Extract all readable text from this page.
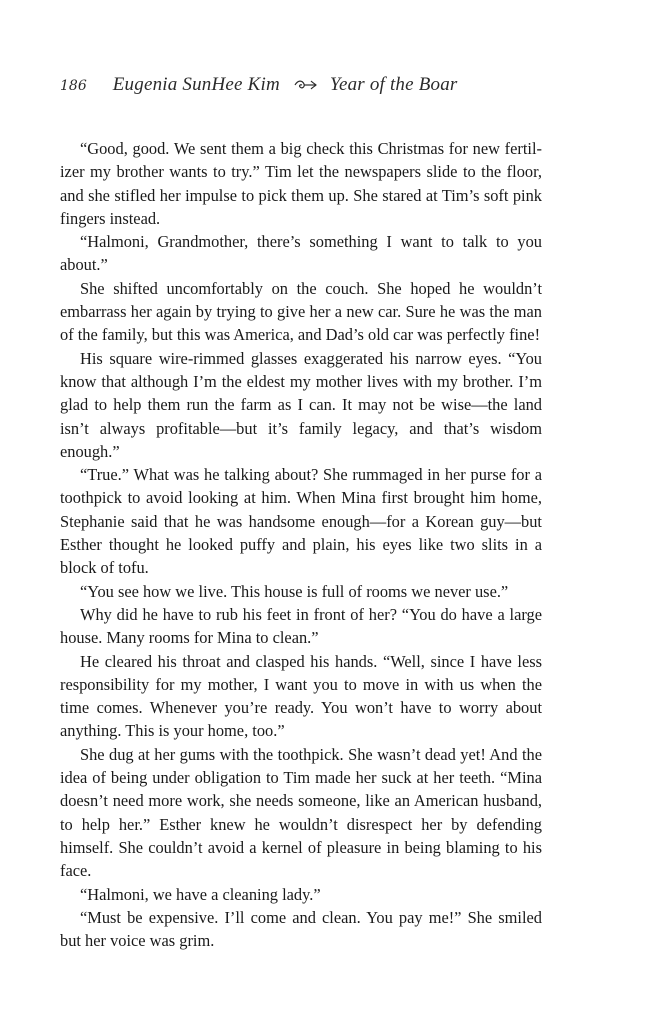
186 Eugenia SunHee Kim	Year of the Boar

“Good, good. We sent them a big check this Christmas for new fertilizer my brother wants to try.” Tim let the newspapers slide to the floor, and she stifled her impulse to pick them up. She stared at Tim’s soft pink fingers instead.

“Halmoni, Grandmother, there’s something I want to talk to you about.”

She shifted uncomfortably on the couch. She hoped he wouldn’t embarrass her again by trying to give her a new car. Sure he was the man of the family, but this was America, and Dad’s old car was perfectly fine!

His square wire-rimmed glasses exaggerated his narrow eyes. “You know that although I’m the eldest my mother lives with my brother. I’m glad to help them run the farm as I can. It may not be wise—the land isn’t always profitable—but it’s family legacy, and that’s wisdom enough.”

“True.” What was he talking about? She rummaged in her purse for a toothpick to avoid looking at him. When Mina first brought him home, Stephanie said that he was handsome enough—for a Korean guy—but Esther thought he looked puffy and plain, his eyes like two slits in a block of tofu.

“You see how we live. This house is full of rooms we never use.”

Why did he have to rub his feet in front of her? “You do have a large house. Many rooms for Mina to clean.”

He cleared his throat and clasped his hands. “Well, since I have less responsibility for my mother, I want you to move in with us when the time comes. Whenever you’re ready. You won’t have to worry about anything. This is your home, too.”

She dug at her gums with the toothpick. She wasn’t dead yet! And the idea of being under obligation to Tim made her suck at her teeth. “Mina doesn’t need more work, she needs someone, like an American husband, to help her.” Esther knew he wouldn’t disrespect her by defending himself. She couldn’t avoid a kernel of pleasure in being blaming to his face.

“Halmoni, we have a cleaning lady.”

“Must be expensive. I’ll come and clean. You pay me!” She smiled but her voice was grim.
